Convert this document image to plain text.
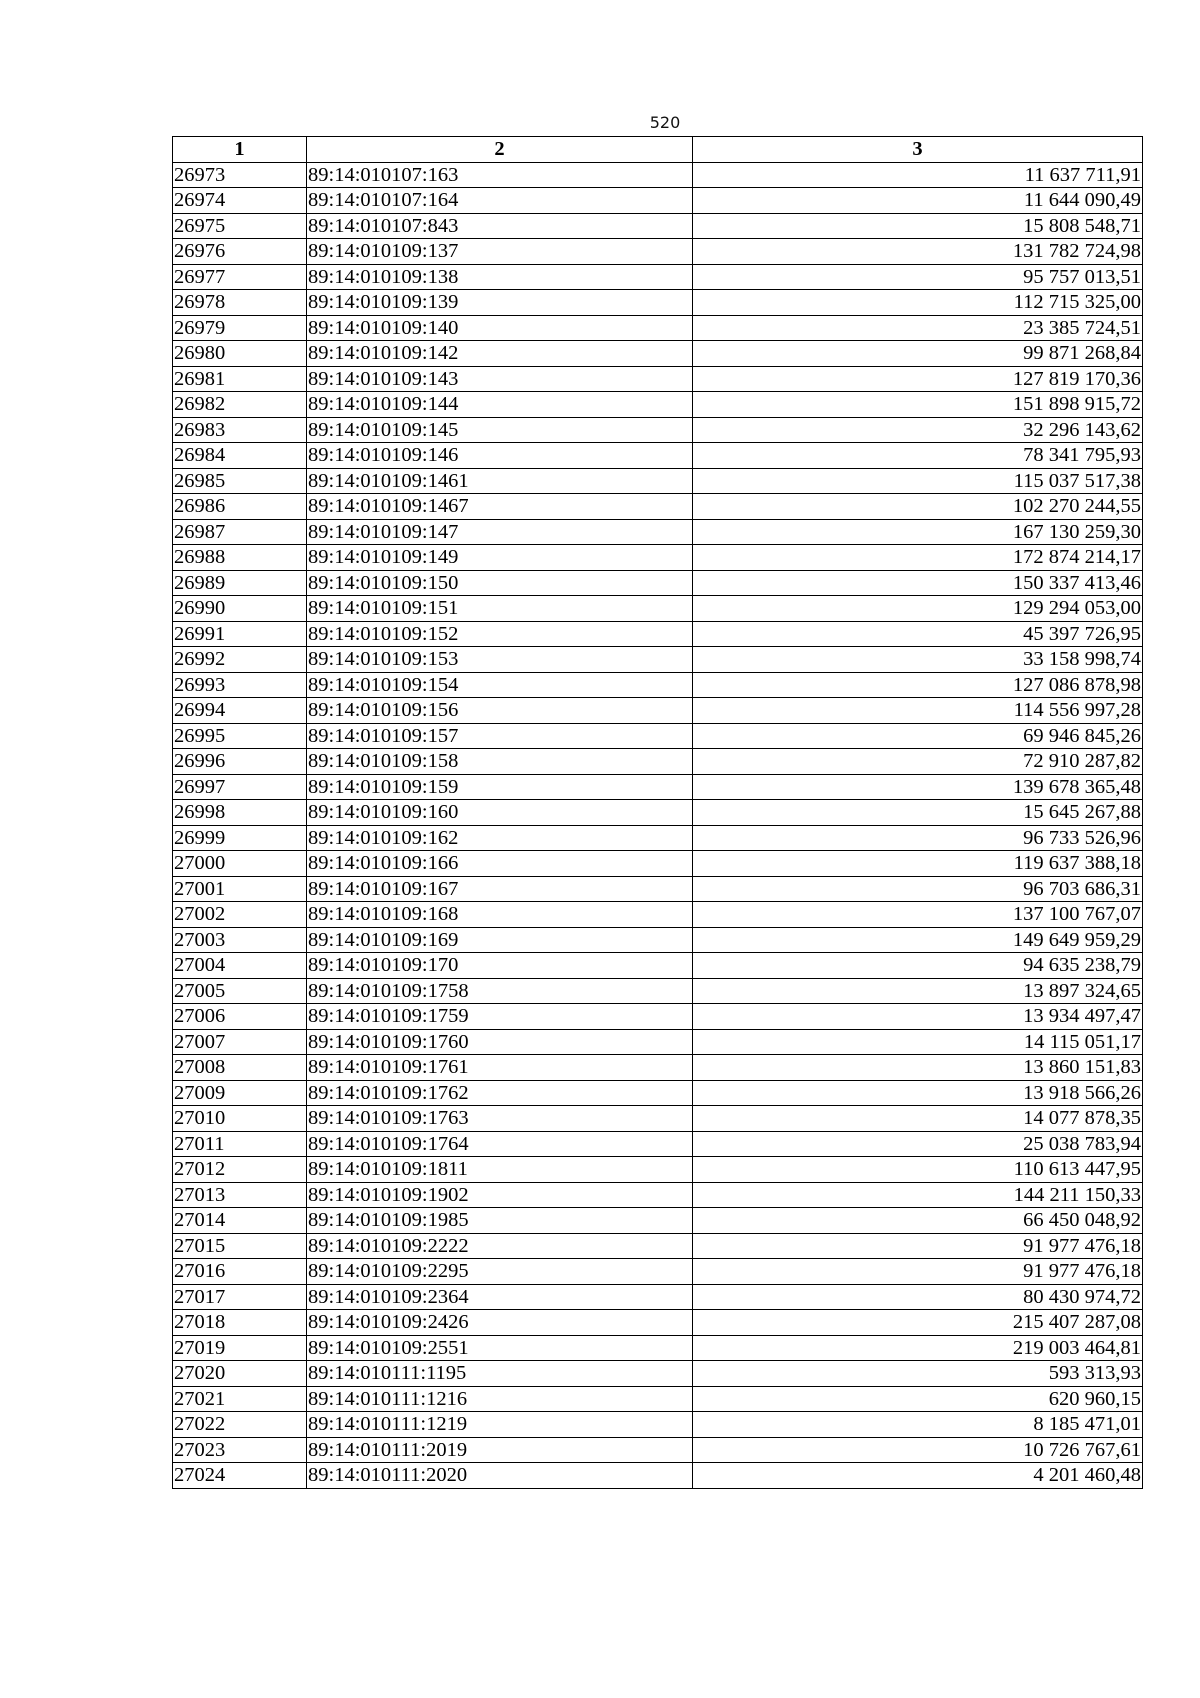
520
1	2	3
26973	89:14:010107:163	11 637 711,91
26974	89:14:010107:164	11 644 090,49
26975	89:14:010107:843	15 808 548,71
26976	89:14:010109:137	131 782 724,98
26977	89:14:010109:138	95 757 013,51
26978	89:14:010109:139	112 715 325,00
26979	89:14:010109:140	23 385 724,51
26980	89:14:010109:142	99 871 268,84
26981	89:14:010109:143	127 819 170,36
26982	89:14:010109:144	151 898 915,72
26983	89:14:010109:145	32 296 143,62
26984	89:14:010109:146	78 341 795,93
26985	89:14:010109:1461	115 037 517,38
26986	89:14:010109:1467	102 270 244,55
26987	89:14:010109:147	167 130 259,30
26988	89:14:010109:149	172 874 214,17
26989	89:14:010109:150	150 337 413,46
26990	89:14:010109:151	129 294 053,00
26991	89:14:010109:152	45 397 726,95
26992	89:14:010109:153	33 158 998,74
26993	89:14:010109:154	127 086 878,98
26994	89:14:010109:156	114 556 997,28
26995	89:14:010109:157	69 946 845,26
26996	89:14:010109:158	72 910 287,82
26997	89:14:010109:159	139 678 365,48
26998	89:14:010109:160	15 645 267,88
26999	89:14:010109:162	96 733 526,96
27000	89:14:010109:166	119 637 388,18
27001	89:14:010109:167	96 703 686,31
27002	89:14:010109:168	137 100 767,07
27003	89:14:010109:169	149 649 959,29
27004	89:14:010109:170	94 635 238,79
27005	89:14:010109:1758	13 897 324,65
27006	89:14:010109:1759	13 934 497,47
27007	89:14:010109:1760	14 115 051,17
27008	89:14:010109:1761	13 860 151,83
27009	89:14:010109:1762	13 918 566,26
27010	89:14:010109:1763	14 077 878,35
27011	89:14:010109:1764	25 038 783,94
27012	89:14:010109:1811	110 613 447,95
27013	89:14:010109:1902	144 211 150,33
27014	89:14:010109:1985	66 450 048,92
27015	89:14:010109:2222	91 977 476,18
27016	89:14:010109:2295	91 977 476,18
27017	89:14:010109:2364	80 430 974,72
27018	89:14:010109:2426	215 407 287,08
27019	89:14:010109:2551	219 003 464,81
27020	89:14:010111:1195	593 313,93
27021	89:14:010111:1216	620 960,15
27022	89:14:010111:1219	8 185 471,01
27023	89:14:010111:2019	10 726 767,61
27024	89:14:010111:2020	4 201 460,48
